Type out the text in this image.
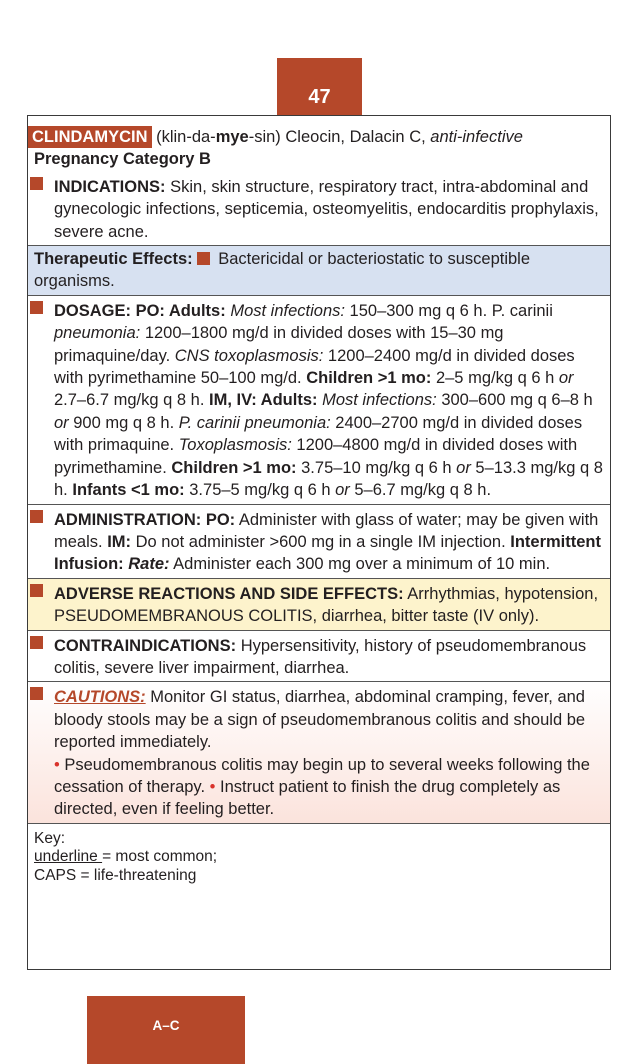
47
CLINDAMYCIN (klin-da-mye-sin) Cleocin, Dalacin C, anti-infective Pregnancy Category B
INDICATIONS: Skin, skin structure, respiratory tract, intra-abdominal and gynecologic infections, septicemia, osteomyelitis, endocarditis prophylaxis, severe acne.
Therapeutic Effects: Bactericidal or bacteriostatic to susceptible organisms.
DOSAGE: PO: Adults: Most infections: 150–300 mg q 6 h. P. carinii pneumonia: 1200–1800 mg/d in divided doses with 15–30 mg primaquine/day. CNS toxoplasmosis: 1200–2400 mg/d in divided doses with pyrimethamine 50–100 mg/d. Children >1 mo: 2–5 mg/kg q 6 h or 2.7–6.7 mg/kg q 8 h. IM, IV: Adults: Most infections: 300–600 mg q 6–8 h or 900 mg q 8 h. P. carinii pneumonia: 2400–2700 mg/d in divided doses with primaquine. Toxoplasmosis: 1200–4800 mg/d in divided doses with pyrimethamine. Children >1 mo: 3.75–10 mg/kg q 6 h or 5–13.3 mg/kg q 8 h. Infants <1 mo: 3.75–5 mg/kg q 6 h or 5–6.7 mg/kg q 8 h.
ADMINISTRATION: PO: Administer with glass of water; may be given with meals. IM: Do not administer >600 mg in a single IM injection. Intermittent Infusion: Rate: Administer each 300 mg over a minimum of 10 min.
ADVERSE REACTIONS AND SIDE EFFECTS: Arrhythmias, hypotension, PSEUDOMEMBRANOUS COLITIS, diarrhea, bitter taste (IV only).
CONTRAINDICATIONS: Hypersensitivity, history of pseudomembranous colitis, severe liver impairment, diarrhea.
CAUTIONS: Monitor GI status, diarrhea, abdominal cramping, fever, and bloody stools may be a sign of pseudomembranous colitis and should be reported immediately.
• Pseudomembranous colitis may begin up to several weeks following the cessation of therapy. • Instruct patient to finish the drug completely as directed, even if feeling better.
Key:
underline = most common;
CAPS = life-threatening
A–C
